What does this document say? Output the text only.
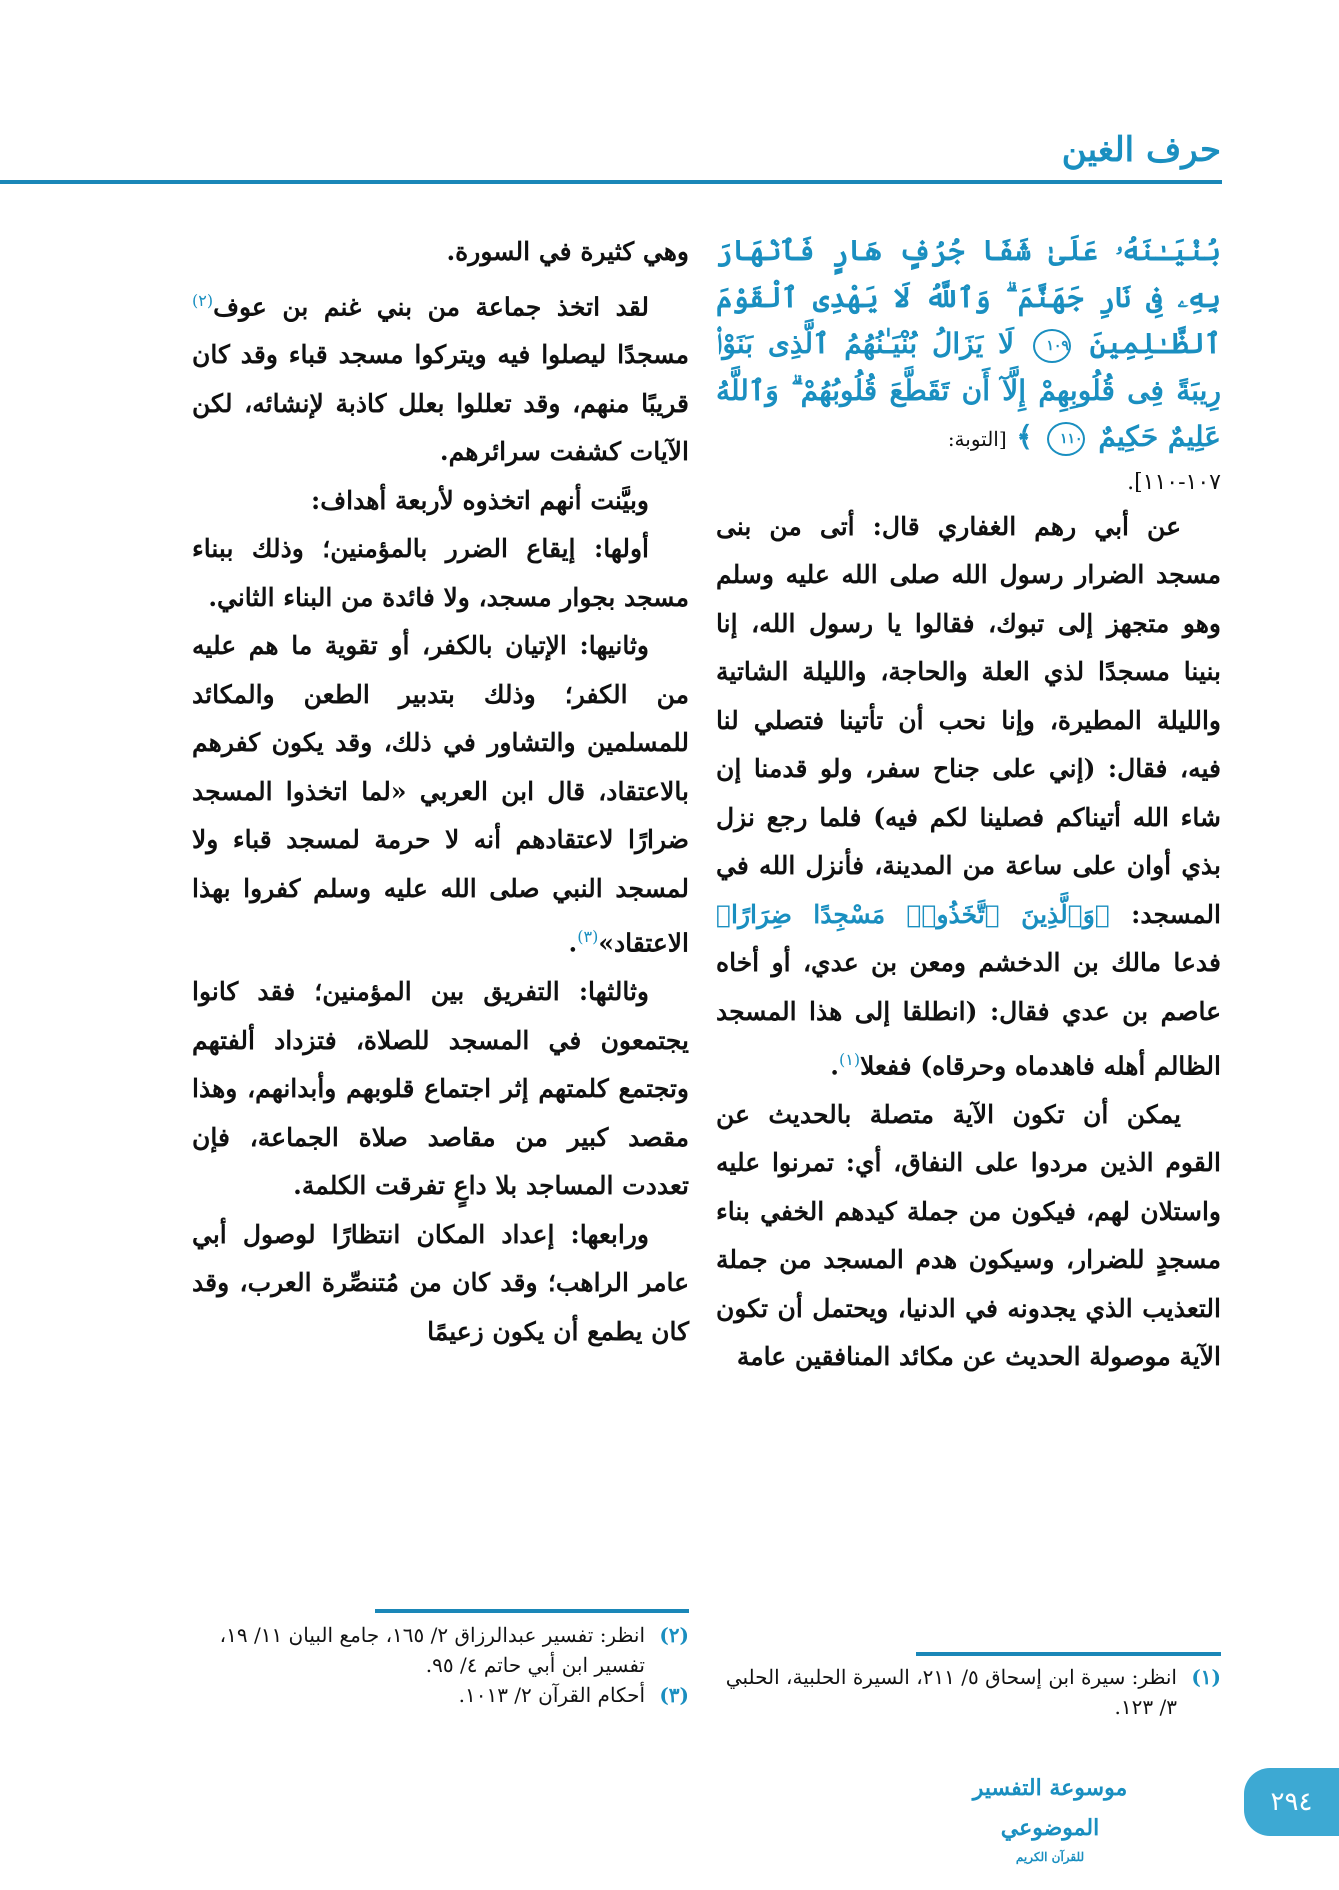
حرف الغين

بُنْيَـٰنَهُۥ عَلَىٰ شَفَا جُرُفٍ هَارٍ فَٱنْهَارَ بِهِۦ فِى نَارِ جَهَنَّمَ ۗ وَٱللَّهُ لَا يَهْدِى ٱلْقَوْمَ ٱلظَّـٰلِمِينَ ١٠٩ لَا يَزَالُ بُنْيَـٰنُهُمُ ٱلَّذِى بَنَوْا۟ رِيبَةً فِى قُلُوبِهِمْ إِلَّآ أَن تَقَطَّعَ قُلُوبُهُمْ ۗ وَٱللَّهُ عَلِيمٌ حَكِيمٌ ١١٠ ﴾ [التوبة:

١٠٧-١١٠].

عن أبي رهم الغفاري قال: أتى من بنى مسجد الضرار رسول الله صلى الله عليه وسلم وهو متجهز إلى تبوك، فقالوا يا رسول الله، إنا بنينا مسجدًا لذي العلة والحاجة، والليلة الشاتية والليلة المطيرة، وإنا نحب أن تأتينا فتصلي لنا فيه، فقال: (إني على جناح سفر، ولو قدمنا إن شاء الله أتيناكم فصلينا لكم فيه) فلما رجع نزل بذي أوان على ساعة من المدينة، فأنزل الله في المسجد: ﴿وَٱلَّذِينَ ٱتَّخَذُوا۟ مَسْجِدًا ضِرَارًا﴾ فدعا مالك بن الدخشم ومعن بن عدي، أو أخاه عاصم بن عدي فقال: (انطلقا إلى هذا المسجد الظالم أهله فاهدماه وحرقاه) ففعلا$^{(١)}$.

يمكن أن تكون الآية متصلة بالحديث عن القوم الذين مردوا على النفاق، أي: تمرنوا عليه واستلان لهم، فيكون من جملة كيدهم الخفي بناء مسجدٍ للضرار، وسيكون هدم المسجد من جملة التعذيب الذي يجدونه في الدنيا، ويحتمل أن تكون الآية موصولة الحديث عن مكائد المنافقين عامة

وهي كثيرة في السورة.

لقد اتخذ جماعة من بني غنم بن عوف$^{(٢)}$ مسجدًا ليصلوا فيه ويتركوا مسجد قباء وقد كان قريبًا منهم، وقد تعللوا بعلل كاذبة لإنشائه، لكن الآيات كشفت سرائرهم.

وبيَّنت أنهم اتخذوه لأربعة أهداف:

أولها: إيقاع الضرر بالمؤمنين؛ وذلك ببناء مسجد بجوار مسجد، ولا فائدة من البناء الثاني.

وثانيها: الإتيان بالكفر، أو تقوية ما هم عليه من الكفر؛ وذلك بتدبير الطعن والمكائد للمسلمين والتشاور في ذلك، وقد يكون كفرهم بالاعتقاد، قال ابن العربي «لما اتخذوا المسجد ضرارًا لاعتقادهم أنه لا حرمة لمسجد قباء ولا لمسجد النبي صلى الله عليه وسلم كفروا بهذا الاعتقاد»$^{(٣)}$.

وثالثها: التفريق بين المؤمنين؛ فقد كانوا يجتمعون في المسجد للصلاة، فتزداد ألفتهم وتجتمع كلمتهم إثر اجتماع قلوبهم وأبدانهم، وهذا مقصد كبير من مقاصد صلاة الجماعة، فإن تعددت المساجد بلا داعٍ تفرقت الكلمة.

ورابعها: إعداد المكان انتظارًا لوصول أبي عامر الراهب؛ وقد كان من مُتنصِّرة العرب، وقد كان يطمع أن يكون زعيمًا

(١)
انظر: سيرة ابن إسحاق ٥/ ٢١١، السيرة الحلبية، الحلبي ٣/ ١٢٣.

(٢)
انظر: تفسير عبدالرزاق ٢/ ١٦٥، جامع البيان ١١/ ١٩، تفسير ابن أبي حاتم ٤/ ٩٥.

(٣)
أحكام القرآن ٢/ ١٠١٣.

موسوعة التفسير الموضوعي
للقرآن الكريم
٢٩٤
